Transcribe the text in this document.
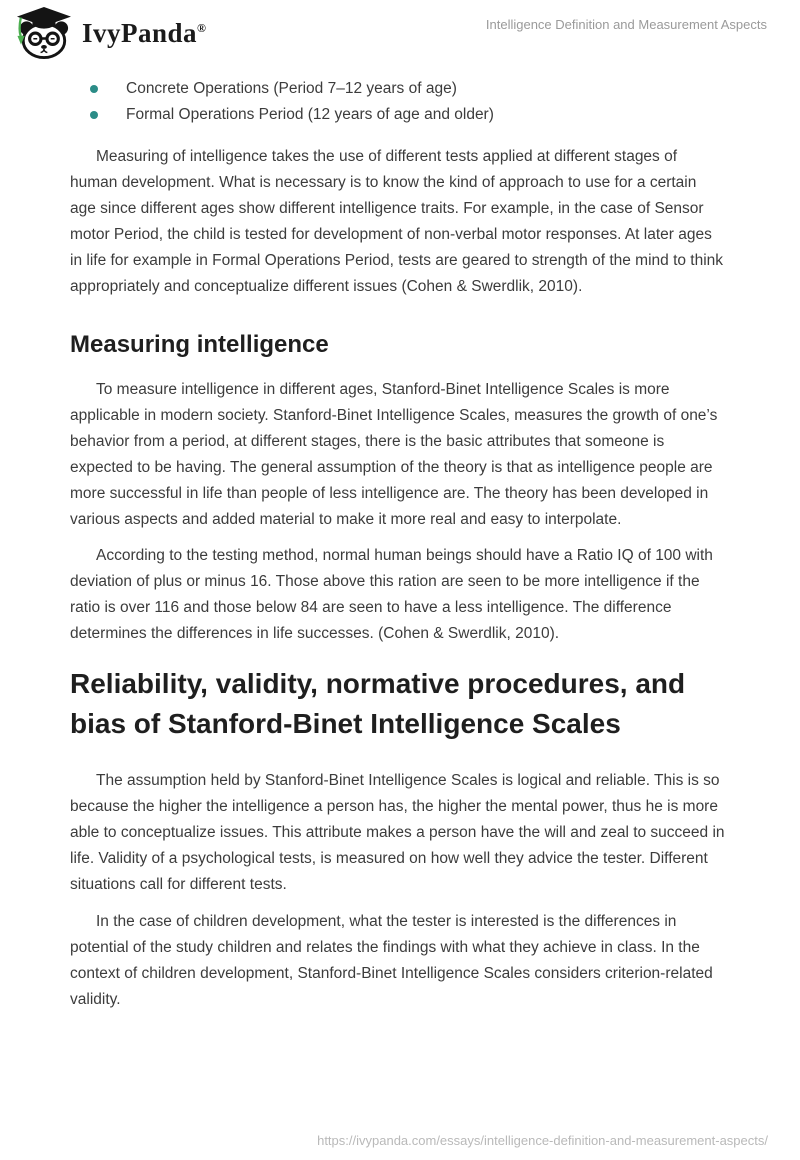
IvyPanda®	Intelligence Definition and Measurement Aspects
Concrete Operations (Period 7–12 years of age)
Formal Operations Period (12 years of age and older)

Measuring of intelligence takes the use of different tests applied at different stages of human development. What is necessary is to know the kind of approach to use for a certain age since different ages show different intelligence traits. For example, in the case of Sensor motor Period, the child is tested for development of non-verbal motor responses. At later ages in life for example in Formal Operations Period, tests are geared to strength of the mind to think appropriately and conceptualize different issues (Cohen & Swerdlik, 2010).

Measuring intelligence

To measure intelligence in different ages, Stanford-Binet Intelligence Scales is more applicable in modern society. Stanford-Binet Intelligence Scales, measures the growth of one’s behavior from a period, at different stages, there is the basic attributes that someone is expected to be having. The general assumption of the theory is that as intelligence people are more successful in life than people of less intelligence are. The theory has been developed in various aspects and added material to make it more real and easy to interpolate.

According to the testing method, normal human beings should have a Ratio IQ of 100 with deviation of plus or minus 16. Those above this ration are seen to be more intelligence if the ratio is over 116 and those below 84 are seen to have a less intelligence. The difference determines the differences in life successes. (Cohen & Swerdlik, 2010).

Reliability, validity, normative procedures, and bias of Stanford-Binet Intelligence Scales

The assumption held by Stanford-Binet Intelligence Scales is logical and reliable. This is so because the higher the intelligence a person has, the higher the mental power, thus he is more able to conceptualize issues. This attribute makes a person have the will and zeal to succeed in life. Validity of a psychological tests, is measured on how well they advice the tester. Different situations call for different tests.

In the case of children development, what the tester is interested is the differences in potential of the study children and relates the findings with what they achieve in class. In the context of children development, Stanford-Binet Intelligence Scales considers criterion-related validity.

https://ivypanda.com/essays/intelligence-definition-and-measurement-aspects/
